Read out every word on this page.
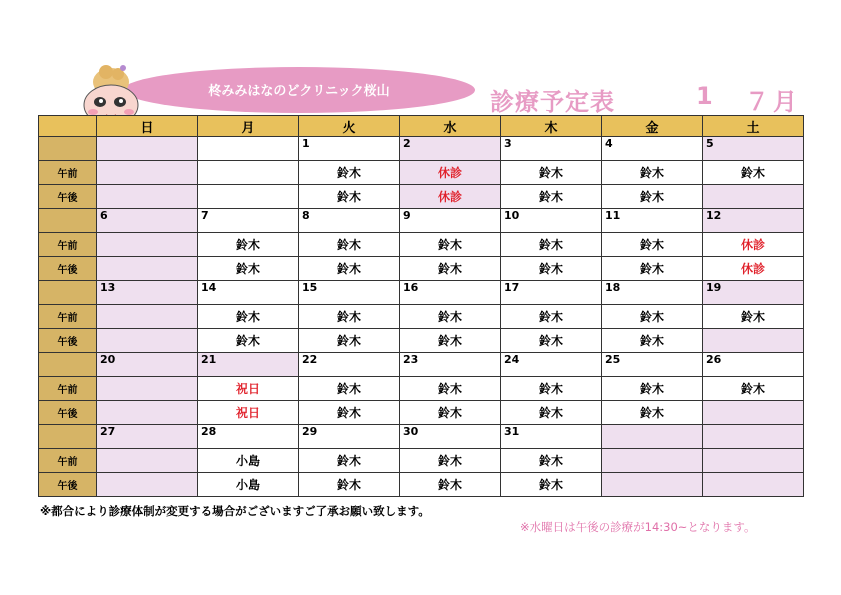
柊みみはなのどクリニック桜山	診療予定表	1 ７月
	日	月	火	水	木	金	土
			1	2	3	4	5
午前			鈴木	休診	鈴木	鈴木	鈴木
午後			鈴木	休診	鈴木	鈴木	
	6	7	8	9	10	11	12
午前		鈴木	鈴木	鈴木	鈴木	鈴木	休診
午後		鈴木	鈴木	鈴木	鈴木	鈴木	休診
	13	14	15	16	17	18	19
午前		鈴木	鈴木	鈴木	鈴木	鈴木	鈴木
午後		鈴木	鈴木	鈴木	鈴木	鈴木	
	20	21	22	23	24	25	26
午前		祝日	鈴木	鈴木	鈴木	鈴木	鈴木
午後		祝日	鈴木	鈴木	鈴木	鈴木	
	27	28	29	30	31		
午前		小島	鈴木	鈴木	鈴木		
午後		小島	鈴木	鈴木	鈴木		
※都合により診療体制が変更する場合がございますご了承お願い致します。
※水曜日は午後の診療が14:30~となります。
